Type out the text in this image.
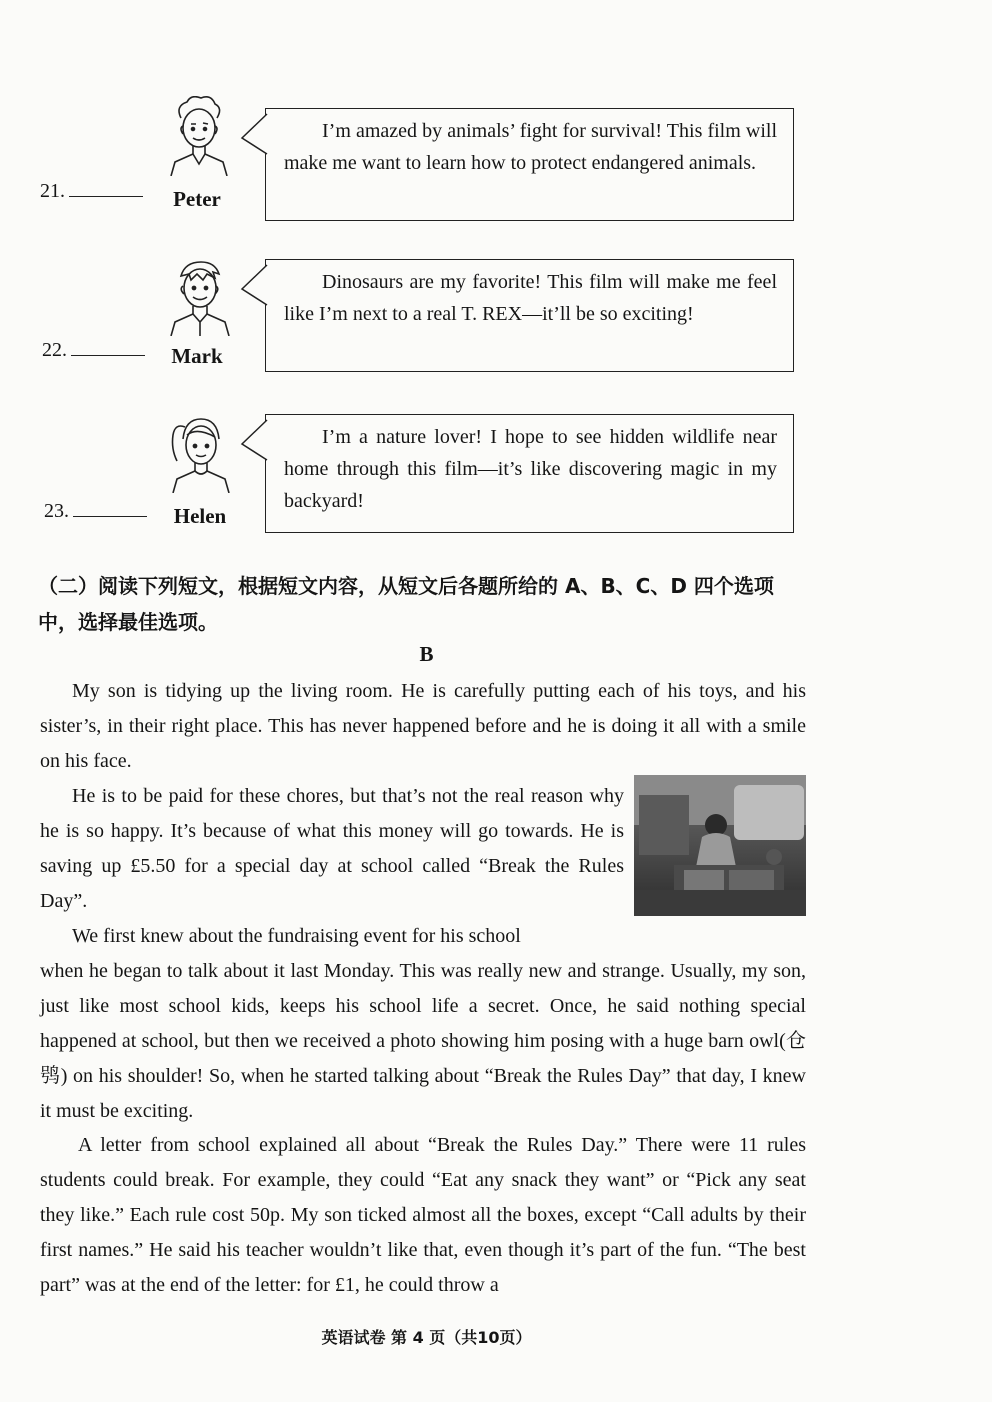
21.	Peter

I’m amazed by animals’ fight for survival! This film will make me want to learn how to protect endangered animals.

22.	Mark

Dinosaurs are my favorite! This film will make me feel like I’m next to a real T. REX—it’ll be so exciting!

23.	Helen

I’m a nature lover! I hope to see hidden wildlife near home through this film—it’s like discovering magic in my backyard!

（二）阅读下列短文，根据短文内容，从短文后各题所给的 A、B、C、D 四个选项中，选择最佳选项。
B

My son is tidying up the living room. He is carefully putting each of his toys, and his sister’s, in their right place. This has never happened before and he is doing it all with a smile on his face.

He is to be paid for these chores, but that’s not the real reason why he is so happy. It’s because of what this money will go towards. He is saving up £5.50 for a special day at school called “Break the Rules Day”.

We first knew about the fundraising event for his school

when he began to talk about it last Monday. This was really new and strange. Usually, my son, just like most school kids, keeps his school life a secret. Once, he said nothing special happened at school, but then we received a photo showing him posing with a huge barn owl(仓鸮) on his shoulder! So, when he started talking about “Break the Rules Day” that day, I knew it must be exciting.

A letter from school explained all about “Break the Rules Day.” There were 11 rules students could break. For example, they could “Eat any snack they want” or “Pick any seat they like.” Each rule cost 50p. My son ticked almost all the boxes, except “Call adults by their first names.” He said his teacher wouldn’t like that, even though it’s part of the fun. “The best part” was at the end of the letter: for £1, he could throw a

英语试卷 第 4 页（共10页）
